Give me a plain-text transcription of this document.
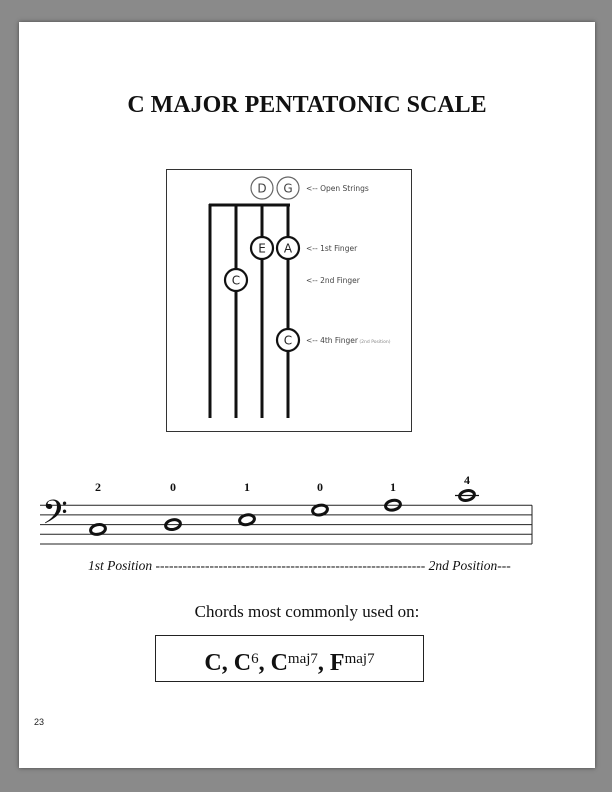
C MAJOR PENTATONIC SCALE
D G
E A
C
C
<-- Open Strings
<-- 1st Finger
<-- 2nd Finger
<-- 4th Finger (2nd Position)
𝄢
2	0	1	0	1	4
1st Position ------------------------------------------------------------ 2nd Position---
Chords most commonly used on:
C, $C^6$, $C^{maj7}$, $F^{maj7}$
23
